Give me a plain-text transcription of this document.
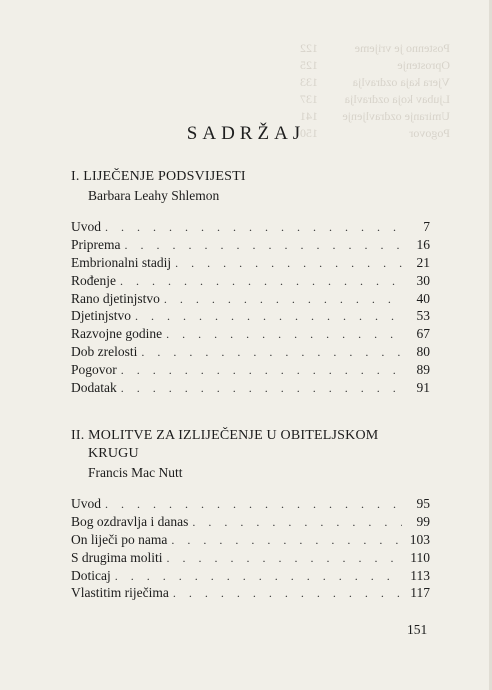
Postenno je vrijeme
122
Oprostenje
125
Vjera kaja ozdravlja
133
Ljubav koja ozdravlja
137
Umiranje ozdravljenje
141
Pogovor
150
SADRŽAJ
I. LIJEČENJE PODSVIJESTI
Barbara Leahy Shlemon
Uvod . . .	7
Priprema . . .	16
Embrionalni stadij . . .	21
Rođenje . . .	30
Rano djetinjstvo . . .	40
Djetinjstvo . . .	53
Razvojne godine . . .	67
Dob zrelosti . . .	80
Pogovor . . .	89
Dodatak . . .	91
II. MOLITVE ZA IZLIJEČENJE U OBITELJSKOM
KRUGU
Francis Mac Nutt
Uvod . . .	95
Bog ozdravlja i danas . . .	99
On liječi po nama . . .	103
S drugima moliti . . .	110
Doticaj . . .	113
Vlastitim riječima . . .	117
151
